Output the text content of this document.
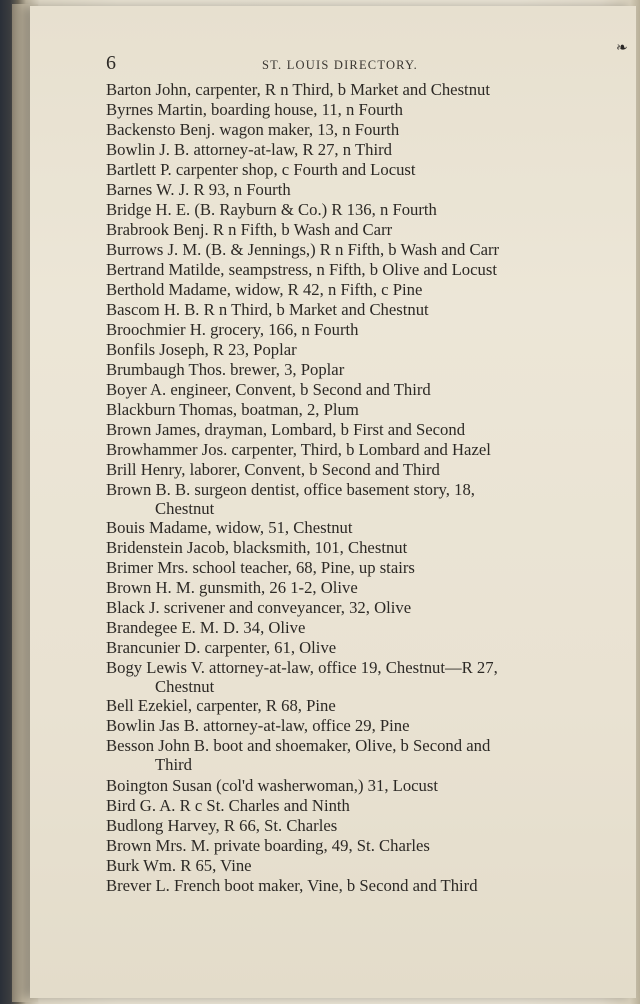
6	ST. LOUIS DIRECTORY.
❧
Barton John, carpenter, R n Third, b Market and Chestnut
Byrnes Martin, boarding house, 11, n Fourth
Backensto Benj. wagon maker, 13, n Fourth
Bowlin J. B. attorney-at-law, R 27, n Third
Bartlett P. carpenter shop, c Fourth and Locust
Barnes W. J. R 93, n Fourth
Bridge H. E. (B. Rayburn & Co.) R 136, n Fourth
Brabrook Benj. R n Fifth, b Wash and Carr
Burrows J. M. (B. & Jennings,) R n Fifth, b Wash and Carr
Bertrand Matilde, seampstress, n Fifth, b Olive and Locust
Berthold Madame, widow, R 42, n Fifth, c Pine
Bascom H. B. R n Third, b Market and Chestnut
Broochmier H. grocery, 166, n Fourth
Bonfils Joseph, R 23, Poplar
Brumbaugh Thos. brewer, 3, Poplar
Boyer A. engineer, Convent, b Second and Third
Blackburn Thomas, boatman, 2, Plum
Brown James, drayman, Lombard, b First and Second
Browhammer Jos. carpenter, Third, b Lombard and Hazel
Brill Henry, laborer, Convent, b Second and Third
Brown B. B. surgeon dentist, office basement story, 18,
Chestnut
Bouis Madame, widow, 51, Chestnut
Bridenstein Jacob, blacksmith, 101, Chestnut
Brimer Mrs. school teacher, 68, Pine, up stairs
Brown H. M. gunsmith, 26 1-2, Olive
Black J. scrivener and conveyancer, 32, Olive
Brandegee E. M. D. 34, Olive
Brancunier D. carpenter, 61, Olive
Bogy Lewis V. attorney-at-law, office 19, Chestnut—R 27,
Chestnut
Bell Ezekiel, carpenter, R 68, Pine
Bowlin Jas B. attorney-at-law, office 29, Pine
Besson John B. boot and shoemaker, Olive, b Second and
Third
Boington Susan (col'd washerwoman,) 31, Locust
Bird G. A. R c St. Charles and Ninth
Budlong Harvey, R 66, St. Charles
Brown Mrs. M. private boarding, 49, St. Charles
Burk Wm. R 65, Vine
Brever L. French boot maker, Vine, b Second and Third
